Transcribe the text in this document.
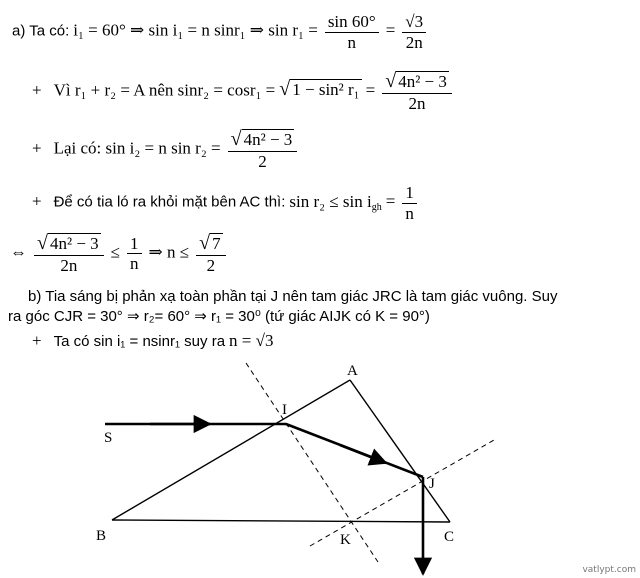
a) Ta có: i₁ = 60° ⇒ sin i₁ = n sinr₁ ⇒ $\sin r_1 = \frac{\sin 60^\circ}{n} = \frac{√3}{2n}$
+ Vì r₁ + r₂ = A nên sinr₂ = cosr₁ = √ 1 − sin² $r_1 = \frac{\text{√ 4n² − 3}}{2n}$
+ Lại có: sin i₂ = n $\sin r_2 = \frac{\text{√ 4n² − 3}}{2}$
+ Để có tia ló ra khỏi mặt bên AC thì: $\sin r_2 \le \sin i_{gh} = \frac{1}{n}$
⇔ $\frac{\text{√ 4n² − 3}}{2n} \le \frac{1}{n}$ ⇒ $n \le \frac{√ 7}{2}$
b) Tia sáng bị phản xạ toàn phần tại J nên tam giác JRC là tam giác vuông. Suy
ra góc CJR = 30° ⇒ r₂= 60° ⇒ r₁ = 30⁰ (tứ giác AIJK có K = 90°)
+ Ta có sin i₁ = nsinr₁ suy ra n = √3
A
B	C
I
J
K
S
vatlypt.com
